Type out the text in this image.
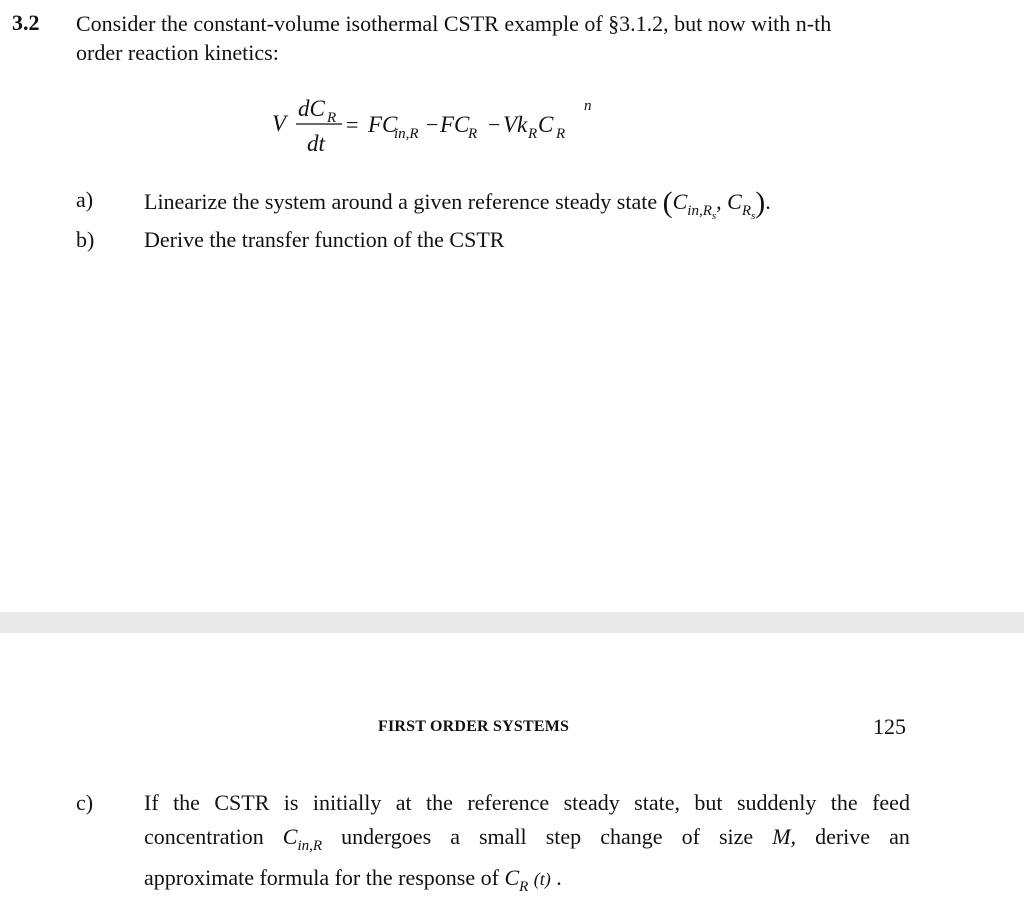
3.2 Consider the constant-volume isothermal CSTR example of §3.1.2, but now with n-th
order reaction kinetics:
V
dC R
dt
= FC
in,R − FC
R − Vk R C R
n
a) Linearize the system around a given reference steady state ($C_{in,Rs}$, $C_{Rs}$).
b) Derive the transfer function of the CSTR
FIRST ORDER SYSTEMS	125
c) If the CSTR is initially at the reference steady state, but suddenly the feed
concentration $C_{in,R}$ undergoes a small step change of size M, derive an
approximate formula for the response of $C_R$ (t) .
